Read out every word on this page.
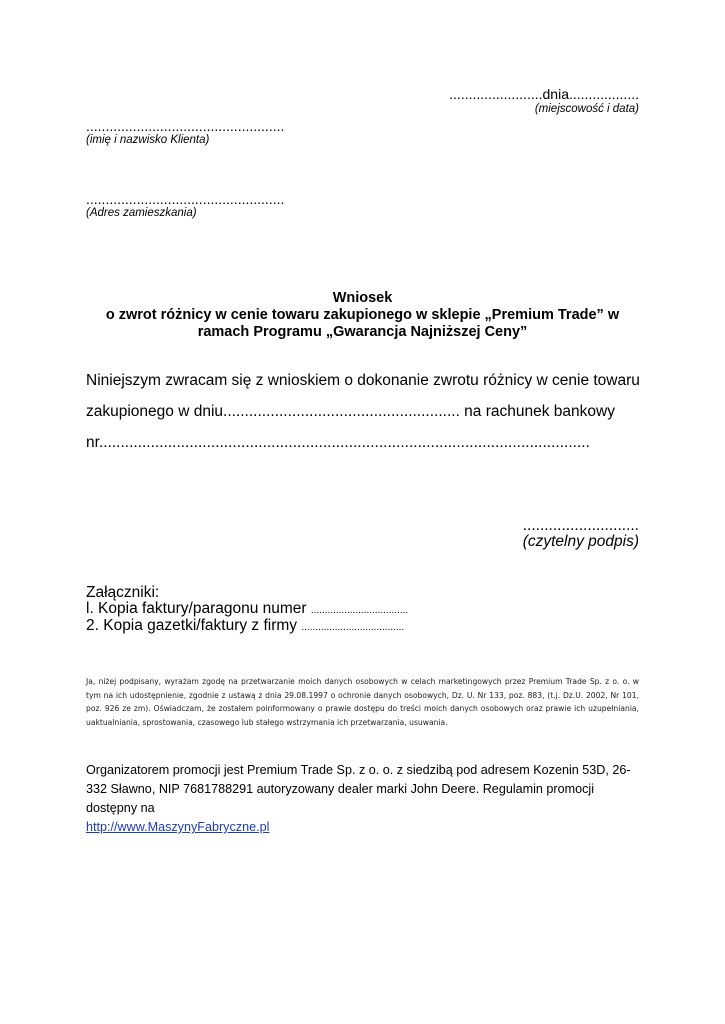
........................dnia..................
(miejscowość i data)
...................................................
(imię i nazwisko Klienta)
...................................................
(Adres zamieszkania)
Wniosek
o zwrot różnicy w cenie towaru zakupionego w sklepie „Premium Trade” w
ramach Programu „Gwarancja Najniższej Ceny”
Niniejszym zwracam się z wnioskiem o dokonanie zwrotu różnicy w cenie towaru
zakupionego w dniu....................................................... na rachunek bankowy
nr..................................................................................................................
...........................
(czytelny podpis)
Załączniki:
l. Kopia faktury/paragonu numer ...................................
2. Kopia gazetki/faktury z firmy .....................................
Ja, niżej podpisany, wyrażam zgodę na przetwarzanie moich danych osobowych w celach marketingowych przez Premium Trade Sp. z o. o. w tym na ich udostępnienie, zgodnie z ustawą z dnia 29.08.1997 o ochronie danych osobowych, Dz. U. Nr 133, poz. 883, (t.j. Dz.U. 2002, Nr 101, poz. 926 ze zm). Oświadczam, że zostałem poinformowany o prawie dostępu do treści moich danych osobowych oraz prawie ich uzupełniania, uaktualniania, sprostowania, czasowego lub stałego wstrzymania ich przetwarzania, usuwania.
Organizatorem promocji jest Premium Trade Sp. z o. o. z siedzibą pod adresem Kozenin 53D, 26-332 Sławno, NIP 7681788291 autoryzowany dealer marki John Deere. Regulamin promocji dostępny na
http://www.MaszynyFabryczne.pl
